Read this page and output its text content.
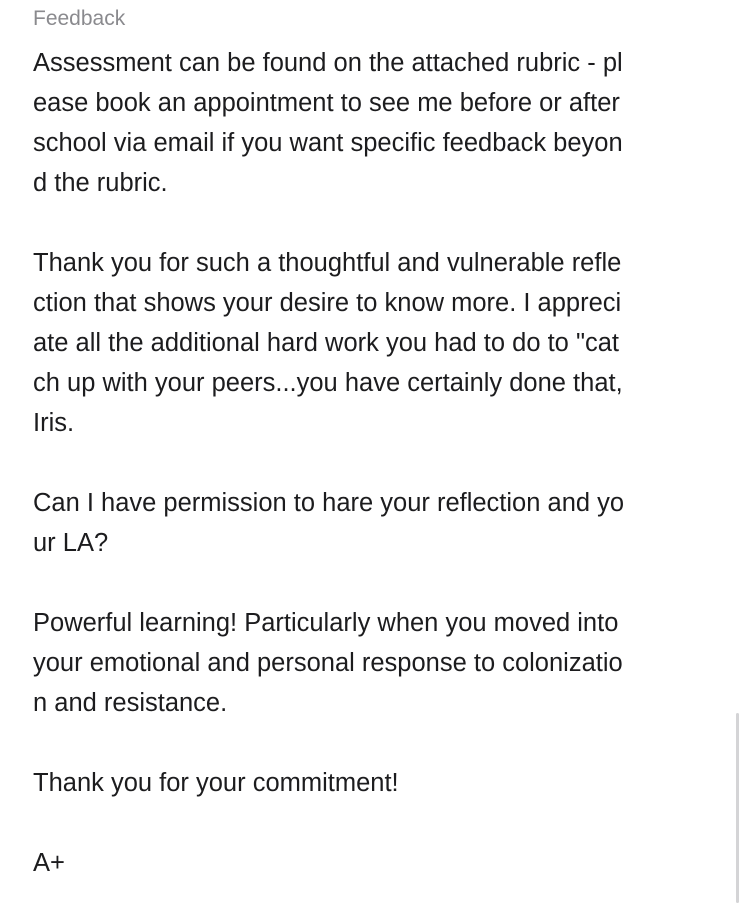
Feedback
Assessment can be found on the attached rubric - pl
ease book an appointment to see me before or after
school via email if you want specific feedback beyon
d the rubric.
Thank you for such a thoughtful and vulnerable refle
ction that shows your desire to know more. I appreci
ate all the additional hard work you had to do to "cat
ch up with your peers...you have certainly done that,
Iris.
Can I have permission to hare your reflection and yo
ur LA?
Powerful learning! Particularly when you moved into
your emotional and personal response to colonizatio
n and resistance.
Thank you for your commitment!
A+
